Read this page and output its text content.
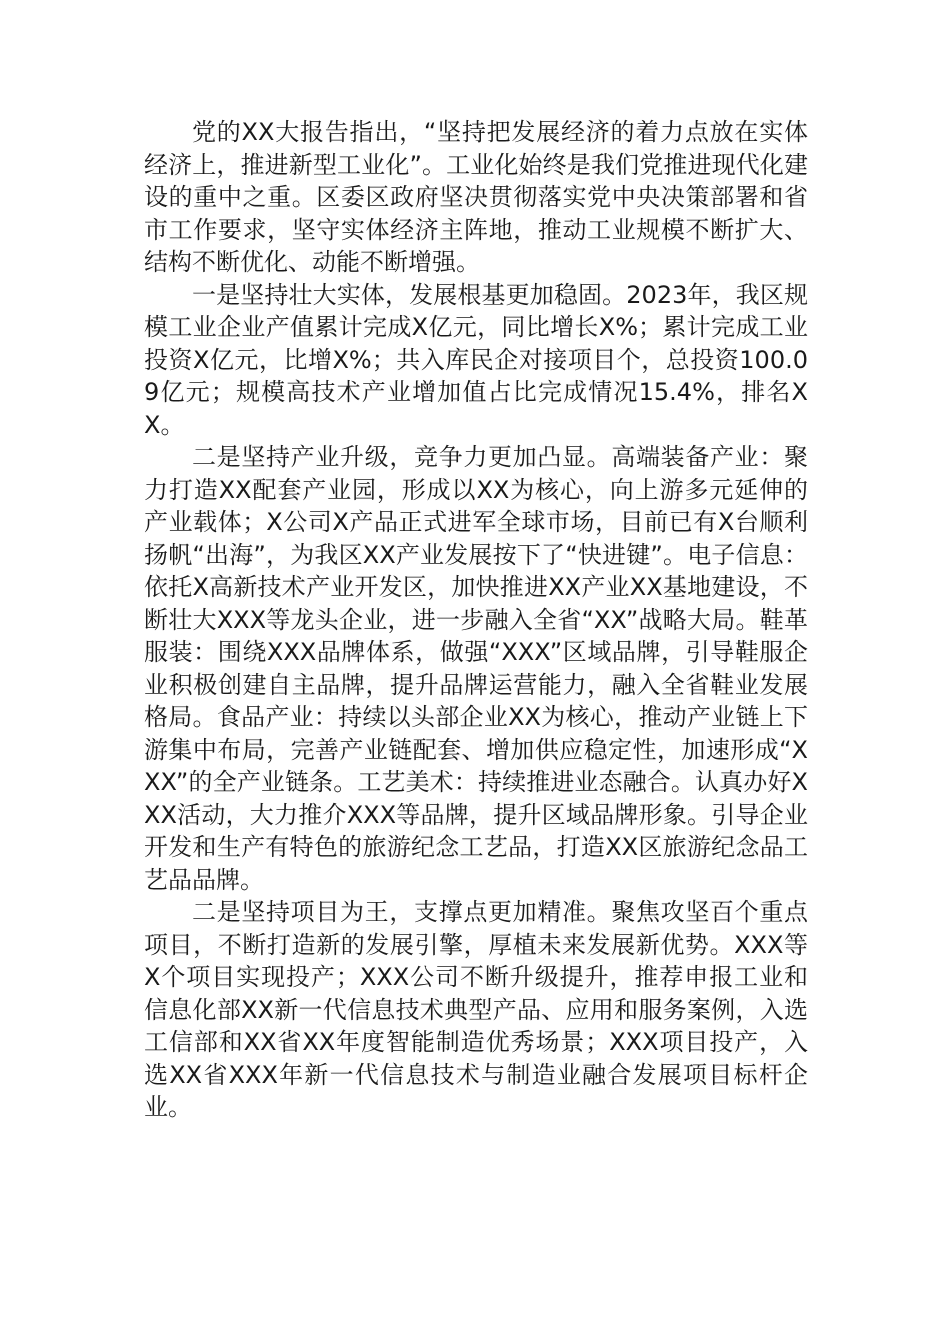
党的XX大报告指出，“坚持把发展经济的着力点放在实体经济上，推进新型工业化”。工业化始终是我们党推进现代化建设的重中之重。区委区政府坚决贯彻落实党中央决策部署和省市工作要求，坚守实体经济主阵地，推动工业规模不断扩大、结构不断优化、动能不断增强。

一是坚持壮大实体，发展根基更加稳固。2023年，我区规模工业企业产值累计完成X亿元，同比增长X%；累计完成工业投资X亿元，比增X%；共入库民企对接项目个，总投资100.09亿元；规模高技术产业增加值占比完成情况15.4%，排名XX。

二是坚持产业升级，竞争力更加凸显。高端装备产业：聚力打造XX配套产业园，形成以XX为核心，向上游多元延伸的产业载体；X公司X产品正式进军全球市场，目前已有X台顺利扬帆“出海”，为我区XX产业发展按下了“快进键”。电子信息：依托X高新技术产业开发区，加快推进XX产业XX基地建设，不断壮大XXX等龙头企业，进一步融入全省“XX”战略大局。鞋革服装：围绕XXX品牌体系，做强“XXX”区域品牌，引导鞋服企业积极创建自主品牌，提升品牌运营能力，融入全省鞋业发展格局。食品产业：持续以头部企业XX为核心，推动产业链上下游集中布局，完善产业链配套、增加供应稳定性，加速形成“XXX”的全产业链条。工艺美术：持续推进业态融合。认真办好XXX活动，大力推介XXX等品牌，提升区域品牌形象。引导企业开发和生产有特色的旅游纪念工艺品，打造XX区旅游纪念品工艺品品牌。

二是坚持项目为王，支撑点更加精准。聚焦攻坚百个重点项目，不断打造新的发展引擎，厚植未来发展新优势。XXX等X个项目实现投产；XXX公司不断升级提升，推荐申报工业和信息化部XX新一代信息技术典型产品、应用和服务案例，入选工信部和XX省XX年度智能制造优秀场景；XXX项目投产，入选XX省XXX年新一代信息技术与制造业融合发展项目标杆企业。
